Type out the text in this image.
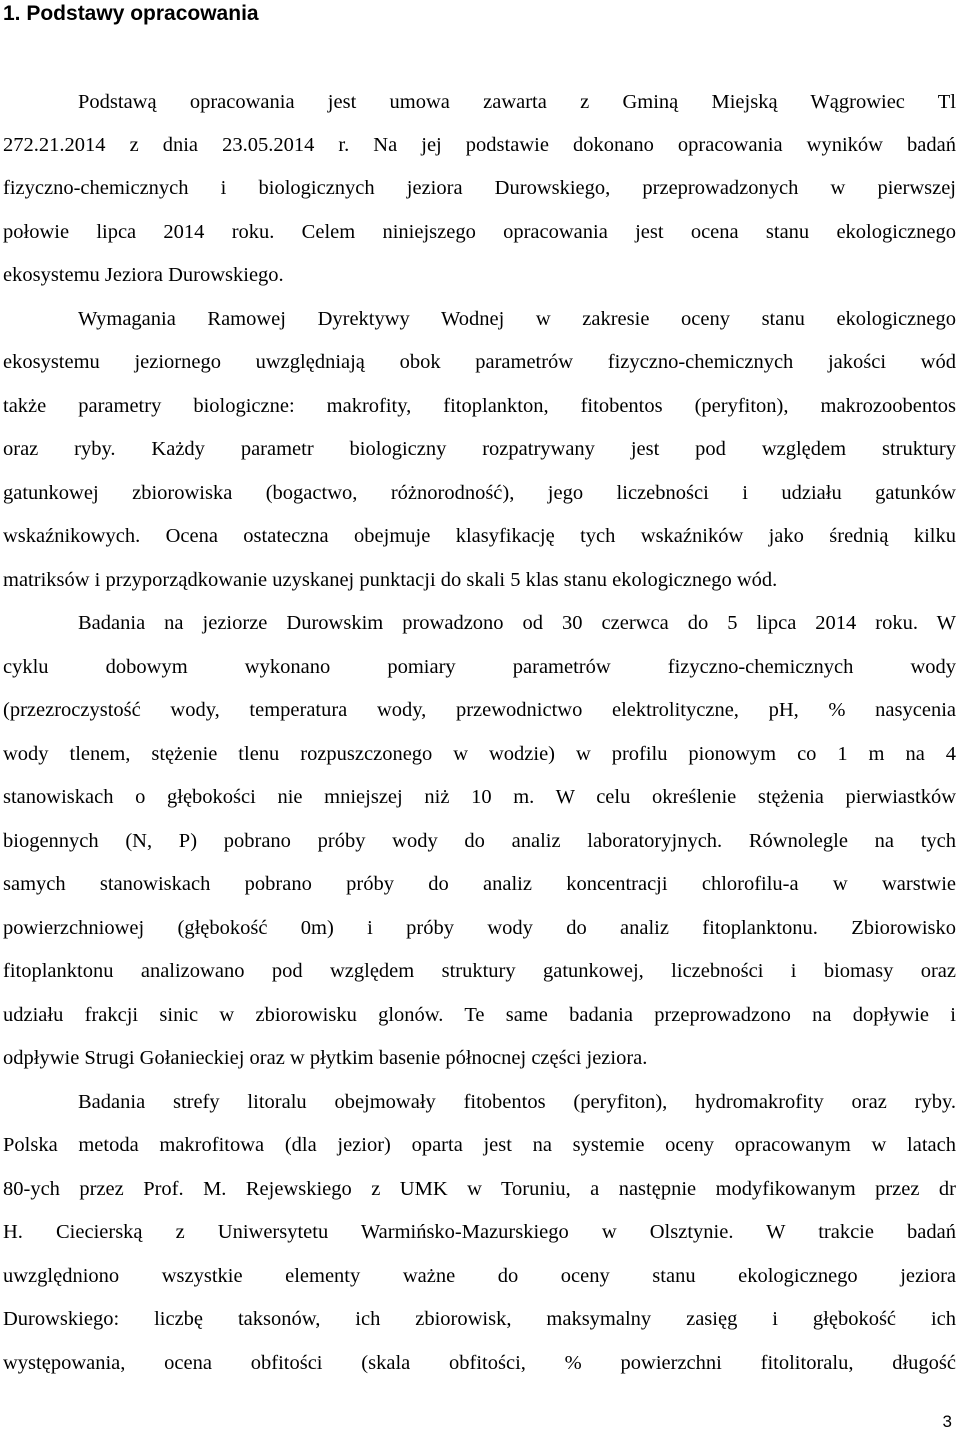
1. Podstawy opracowania
Podstawą opracowania jest umowa zawarta z Gminą Miejską Wągrowiec Tl
272.21.2014 z dnia 23.05.2014 r. Na jej podstawie dokonano opracowania wyników badań
fizyczno-chemicznych i biologicznych jeziora Durowskiego, przeprowadzonych w pierwszej
połowie lipca 2014 roku. Celem niniejszego opracowania jest ocena stanu ekologicznego
ekosystemu Jeziora Durowskiego.
Wymagania Ramowej Dyrektywy Wodnej w zakresie oceny stanu ekologicznego
ekosystemu jeziornego uwzględniają obok parametrów fizyczno-chemicznych jakości wód
także parametry biologiczne: makrofity, fitoplankton, fitobentos (peryfiton), makrozoobentos
oraz ryby. Każdy parametr biologiczny rozpatrywany jest pod względem struktury
gatunkowej zbiorowiska (bogactwo, różnorodność), jego liczebności i udziału gatunków
wskaźnikowych. Ocena ostateczna obejmuje klasyfikację tych wskaźników jako średnią kilku
matriksów i przyporządkowanie uzyskanej punktacji do skali 5 klas stanu ekologicznego wód.
Badania na jeziorze Durowskim prowadzono od 30 czerwca do 5 lipca 2014 roku. W
cyklu dobowym wykonano pomiary parametrów fizyczno-chemicznych wody
(przezroczystość wody, temperatura wody, przewodnictwo elektrolityczne, pH, % nasycenia
wody tlenem, stężenie tlenu rozpuszczonego w wodzie) w profilu pionowym co 1 m na 4
stanowiskach o głębokości nie mniejszej niż 10 m. W celu określenie stężenia pierwiastków
biogennych (N, P) pobrano próby wody do analiz laboratoryjnych. Równolegle na tych
samych stanowiskach pobrano próby do analiz koncentracji chlorofilu-a w warstwie
powierzchniowej (głębokość 0m) i próby wody do analiz fitoplanktonu. Zbiorowisko
fitoplanktonu analizowano pod względem struktury gatunkowej, liczebności i biomasy oraz
udziału frakcji sinic w zbiorowisku glonów. Te same badania przeprowadzono na dopływie i
odpływie Strugi Gołanieckiej oraz w płytkim basenie północnej części jeziora.
Badania strefy litoralu obejmowały fitobentos (peryfiton), hydromakrofity oraz ryby.
Polska metoda makrofitowa (dla jezior) oparta jest na systemie oceny opracowanym w latach
80-ych przez Prof. M. Rejewskiego z UMK w Toruniu, a następnie modyfikowanym przez dr
H. Ciecierską z Uniwersytetu Warmińsko-Mazurskiego w Olsztynie. W trakcie badań
uwzględniono wszystkie elementy ważne do oceny stanu ekologicznego jeziora
Durowskiego: liczbę taksonów, ich zbiorowisk, maksymalny zasięg i głębokość ich
występowania, ocena obfitości (skala obfitości, % powierzchni fitolitoralu, długość
3
